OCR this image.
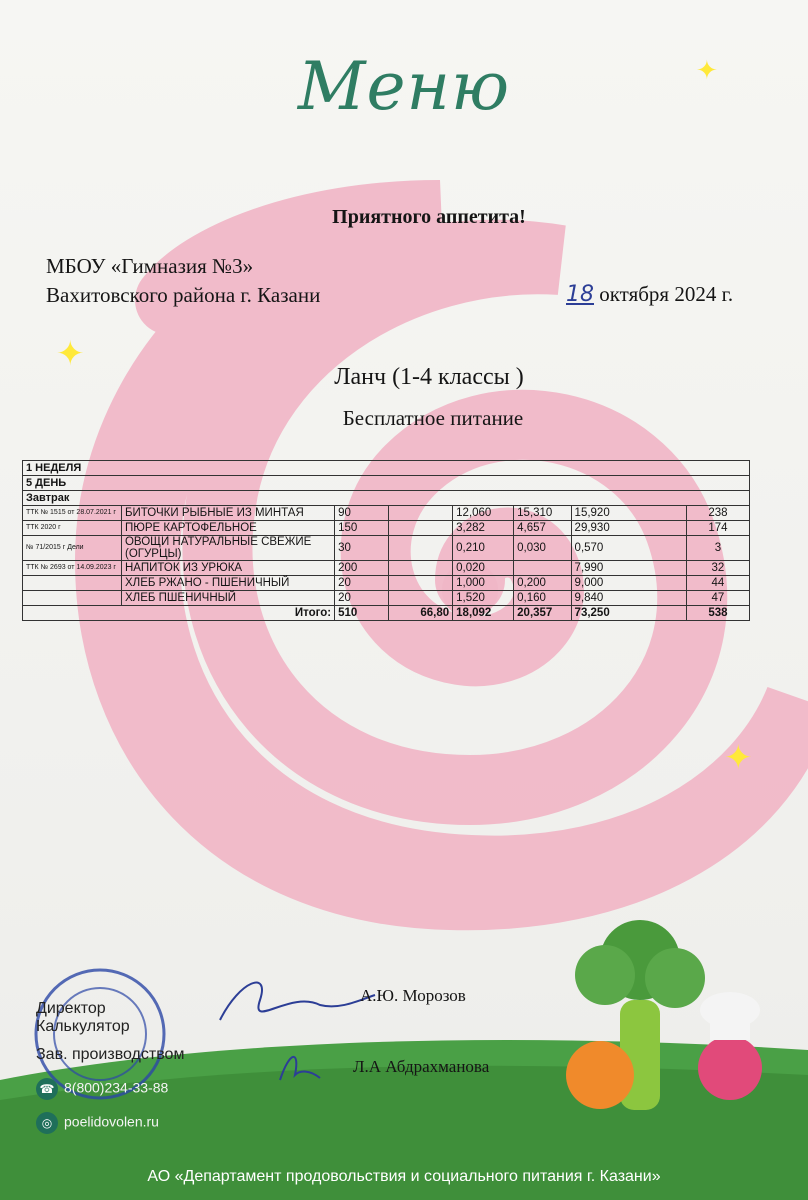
✦
✦
✦
Меню
Приятного аппетита!
МБОУ «Гимназия №3»
Вахитовского района г. Казани	18 октября 2024 г.
Ланч (1-4 классы )
Бесплатное питание
1 НЕДЕЛЯ							
5 ДЕНЬ							
Завтрак							
ТТК № 1515 от 28.07.2021 г	БИТОЧКИ РЫБНЫЕ ИЗ МИНТАЯ	90		12,060	15,310	15,920	238
ТТК 2020 г	ПЮРЕ КАРТОФЕЛЬНОЕ	150		3,282	4,657	29,930	174
№ 71/2015 г Дели	ОВОЩИ НАТУРАЛЬНЫЕ СВЕЖИЕ (ОГУРЦЫ)	30		0,210	0,030	0,570	3
ТТК № 2693 от 14.09.2023 г	НАПИТОК ИЗ УРЮКА	200		0,020		7,990	32
	ХЛЕБ РЖАНО - ПШЕНИЧНЫЙ	20		1,000	0,200	9,000	44
	ХЛЕБ ПШЕНИЧНЫЙ	20		1,520	0,160	9,840	47
Итого:		510	66,80	18,092	20,357	73,250	538
А.Ю. Морозов
Л.А Абдрахманова
Директор
Калькулятор
Зав. производством
☎ 8(800)234-33-88
◎ poelidovolen.ru
АО «Департамент продовольствия и социального питания г. Казани»
